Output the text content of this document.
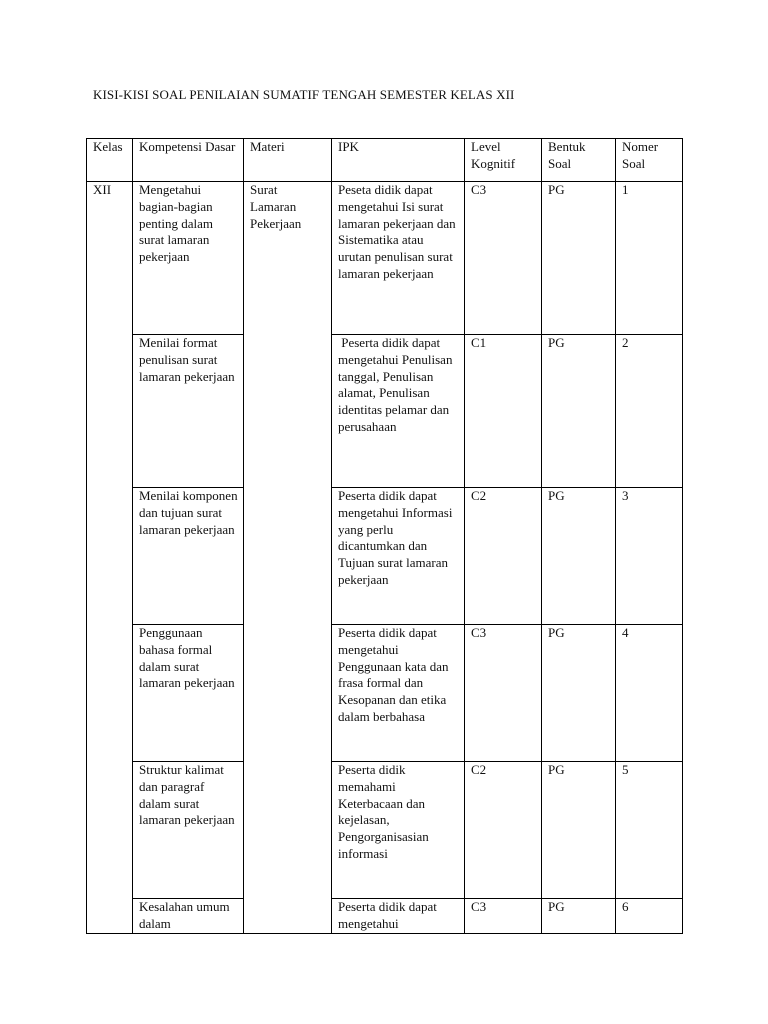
KISI-KISI SOAL PENILAIAN SUMATIF TENGAH SEMESTER KELAS XII
Kelas	Kompetensi Dasar	Materi	IPK	Level Kognitif	Bentuk Soal	Nomer Soal
XII	Mengetahui bagian-bagian penting dalam surat lamaran pekerjaan	Surat Lamaran Pekerjaan	Peseta didik dapat mengetahui Isi surat lamaran pekerjaan dan Sistematika atau urutan penulisan surat lamaran pekerjaan	C3	PG	1
	Menilai format penulisan surat lamaran pekerjaan		Peserta didik dapat mengetahui Penulisan tanggal, Penulisan alamat, Penulisan identitas pelamar dan perusahaan	C1	PG	2
	Menilai komponen dan tujuan surat lamaran pekerjaan		Peserta didik dapat mengetahui Informasi yang perlu dicantumkan dan Tujuan surat lamaran pekerjaan	C2	PG	3
	Penggunaan bahasa formal dalam surat lamaran pekerjaan		Peserta didik dapat mengetahui Penggunaan kata dan frasa formal dan Kesopanan dan etika dalam berbahasa	C3	PG	4
	Struktur kalimat dan paragraf dalam surat lamaran pekerjaan		Peserta didik memahami Keterbacaan dan kejelasan, Pengorganisasian informasi	C2	PG	5
	Kesalahan umum dalam		Peserta didik dapat mengetahui	C3	PG	6
